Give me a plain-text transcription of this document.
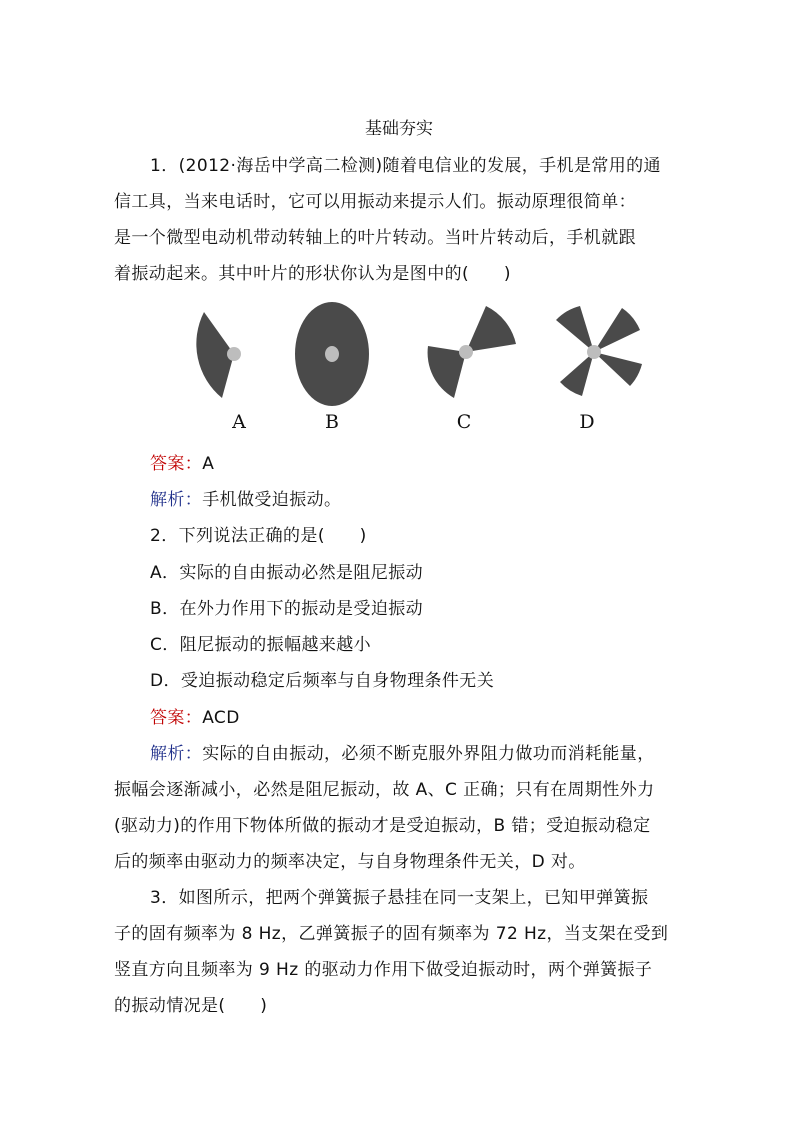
基础夯实
1．(2012·海岳中学高二检测)随着电信业的发展，手机是常用的通
信工具，当来电话时，它可以用振动来提示人们。振动原理很简单：
是一个微型电动机带动转轴上的叶片转动。当叶片转动后，手机就跟
着振动起来。其中叶片的形状你认为是图中的(　　)
A	B	C	D
答案：A
解析：手机做受迫振动。
2．下列说法正确的是(　　)
A．实际的自由振动必然是阻尼振动
B．在外力作用下的振动是受迫振动
C．阻尼振动的振幅越来越小
D．受迫振动稳定后频率与自身物理条件无关
答案：ACD
解析：实际的自由振动，必须不断克服外界阻力做功而消耗能量，
振幅会逐渐减小，必然是阻尼振动，故 A、C 正确；只有在周期性外力
(驱动力)的作用下物体所做的振动才是受迫振动，B 错；受迫振动稳定
后的频率由驱动力的频率决定，与自身物理条件无关，D 对。
3．如图所示，把两个弹簧振子悬挂在同一支架上，已知甲弹簧振
子的固有频率为 8 Hz，乙弹簧振子的固有频率为 72 Hz，当支架在受到
竖直方向且频率为 9 Hz 的驱动力作用下做受迫振动时，两个弹簧振子
的振动情况是(　　)
